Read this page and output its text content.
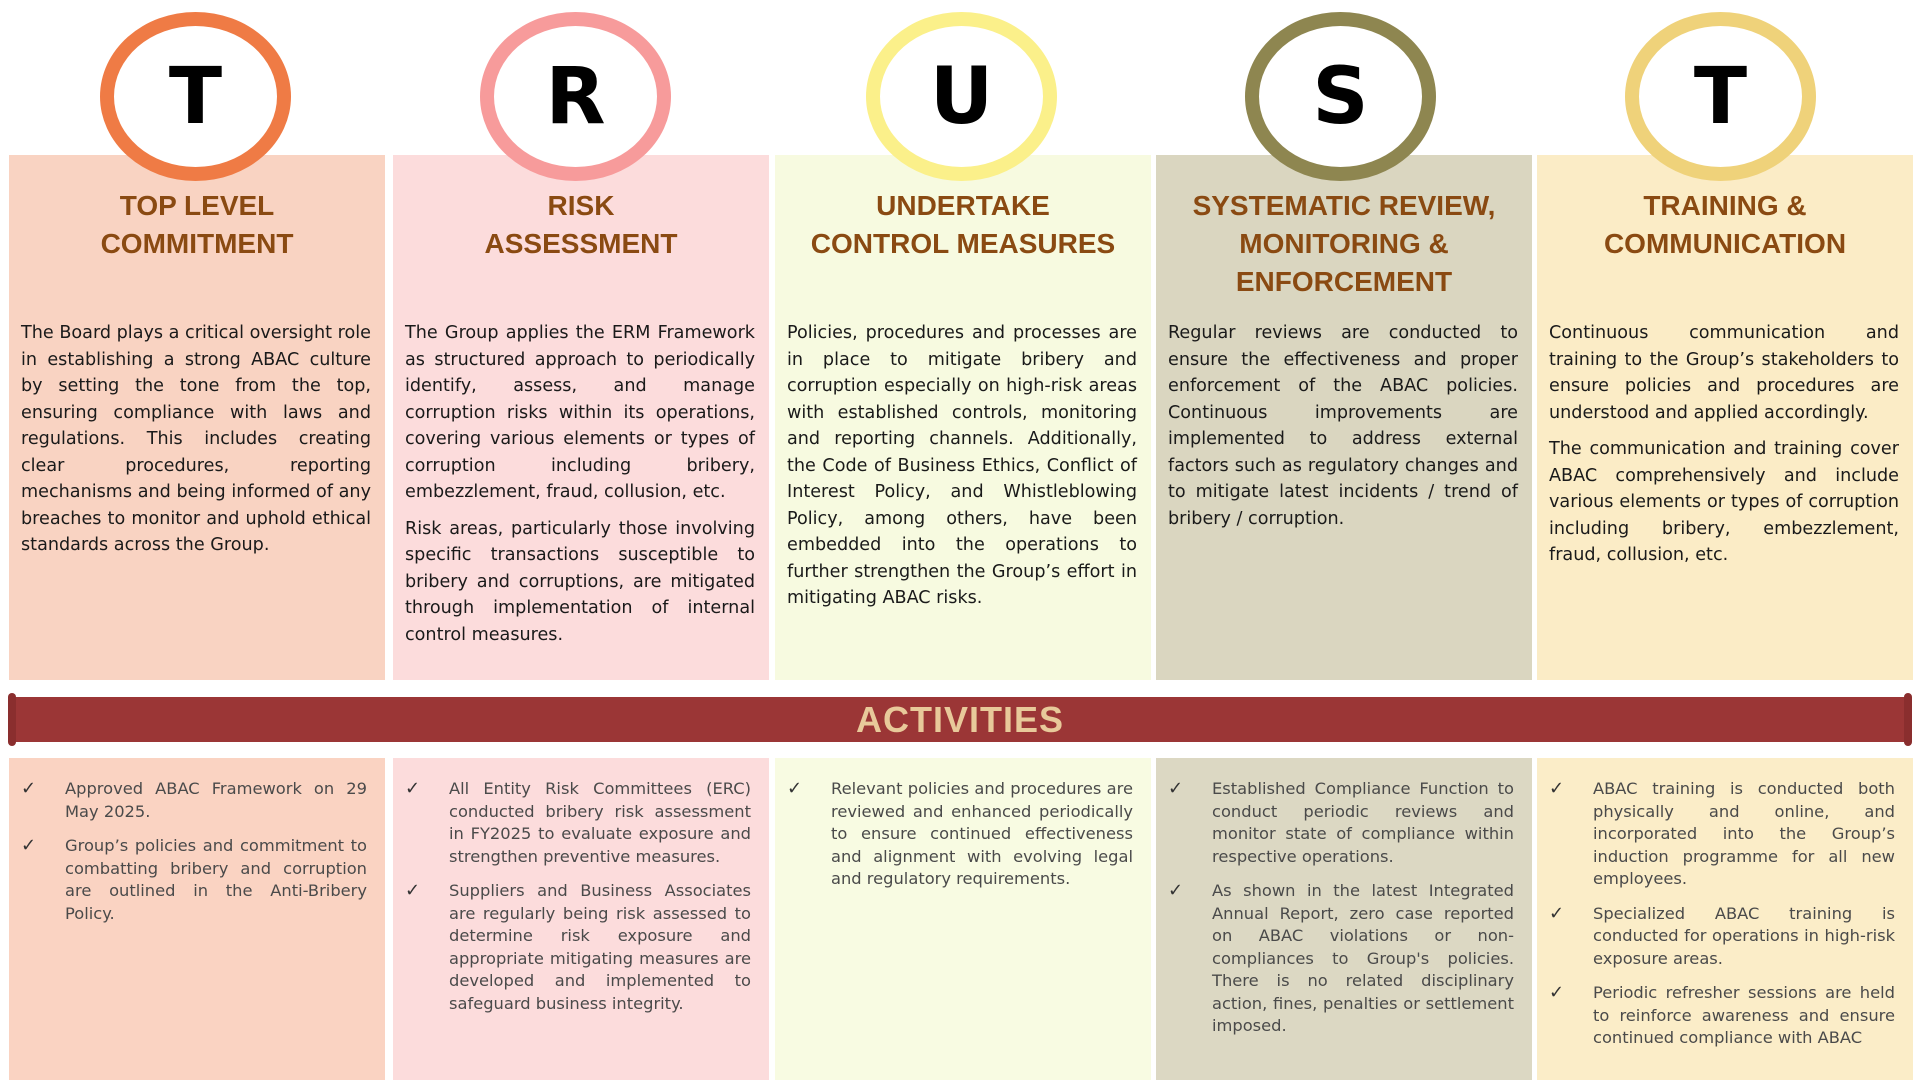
ACTIVITIES
T
TOP LEVEL
COMMITMENT

The Board plays a critical oversight role in establishing a strong ABAC culture by setting the tone from the top, ensuring compliance with laws and regulations. This includes creating clear procedures, reporting mechanisms and being informed of any breaches to monitor and uphold ethical standards across the Group.

✓ Approved ABAC Framework on 29 May 2025.
✓ Group’s policies and commitment to combatting bribery and corruption are outlined in the Anti-Bribery Policy.
R
RISK
ASSESSMENT

The Group applies the ERM Framework as structured approach to periodically identify, assess, and manage corruption risks within its operations, covering various elements or types of corruption including bribery, embezzlement, fraud, collusion, etc.

Risk areas, particularly those involving specific transactions susceptible to bribery and corruptions, are mitigated through implementation of internal control measures.

✓ All Entity Risk Committees (ERC) conducted bribery risk assessment in FY2025 to evaluate exposure and strengthen preventive measures.
✓ Suppliers and Business Associates are regularly being risk assessed to determine risk exposure and appropriate mitigating measures are developed and implemented to safeguard business integrity.
U
UNDERTAKE
CONTROL MEASURES

Policies, procedures and processes are in place to mitigate bribery and corruption especially on high-risk areas with established controls, monitoring and reporting channels. Additionally, the Code of Business Ethics, Conflict of Interest Policy, and Whistleblowing Policy, among others, have been embedded into the operations to further strengthen the Group’s effort in mitigating ABAC risks.

✓ Relevant policies and procedures are reviewed and enhanced periodically to ensure continued effectiveness and alignment with evolving legal and regulatory requirements.
S
SYSTEMATIC REVIEW,
MONITORING &
ENFORCEMENT

Regular reviews are conducted to ensure the effectiveness and proper enforcement of the ABAC policies. Continuous improvements are implemented to address external factors such as regulatory changes and to mitigate latest incidents / trend of bribery / corruption.

✓ Established Compliance Function to conduct periodic reviews and monitor state of compliance within respective operations.
✓ As shown in the latest Integrated Annual Report, zero case reported on ABAC violations or non-compliances to Group's policies. There is no related disciplinary action, fines, penalties or settlement imposed.
T
TRAINING &
COMMUNICATION

Continuous communication and training to the Group’s stakeholders to ensure policies and procedures are understood and applied accordingly.

The communication and training cover ABAC comprehensively and include various elements or types of corruption including bribery, embezzlement, fraud, collusion, etc.

✓ ABAC training is conducted both physically and online, and incorporated into the Group’s induction programme for all new employees.
✓ Specialized ABAC training is conducted for operations in high-risk exposure areas.
✓ Periodic refresher sessions are held to reinforce awareness and ensure continued compliance with ABAC
